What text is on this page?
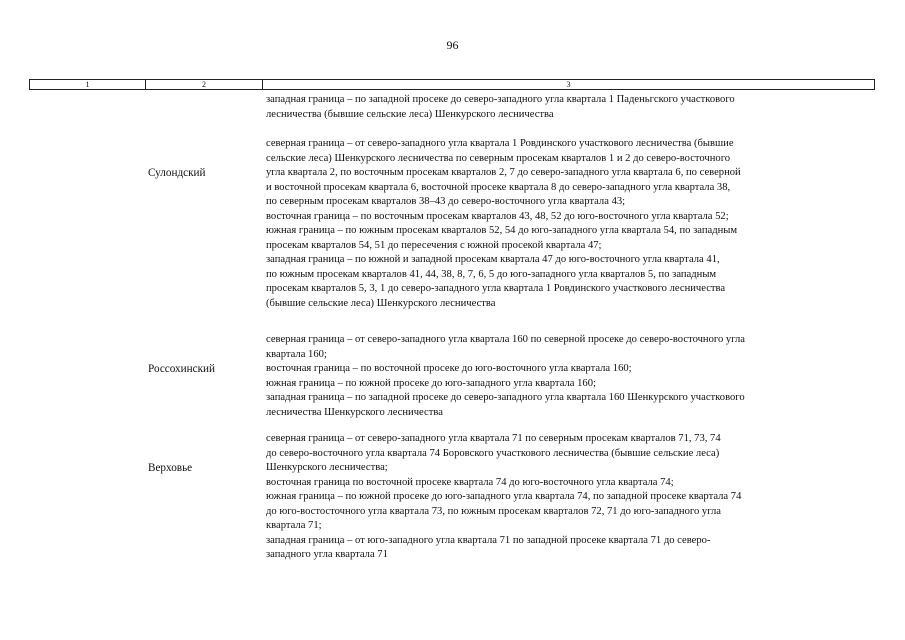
96
1	2	3
западная граница – по западной просеке до северо-западного угла квартала 1 Паденьгского участкового
лесничества (бывшие сельские леса) Шенкурского лесничества
Сулондский
северная граница – от северо-западного угла квартала 1 Ровдинского участкового лесничества (бывшие
сельские леса) Шенкурского лесничества по северным просекам кварталов 1 и 2 до северо-восточного
угла квартала 2, по восточным просекам кварталов 2, 7 до северо-западного угла квартала 6, по северной
и восточной просекам квартала 6, восточной просеке квартала 8 до северо-западного угла квартала 38,
по северным просекам кварталов 38–43 до северо-восточного угла квартала 43;
восточная граница – по восточным просекам кварталов 43, 48, 52 до юго-восточного угла квартала 52;
южная граница – по южным просекам кварталов 52, 54 до юго-западного угла квартала 54, по западным
просекам кварталов 54, 51 до пересечения с южной просекой квартала 47;
западная граница – по южной и западной просекам квартала 47 до юго-восточного угла квартала 41,
по южным просекам кварталов 41, 44, 38, 8, 7, 6, 5 до юго-западного угла кварталов 5, по западным
просекам кварталов 5, 3, 1 до северо-западного угла квартала 1 Ровдинского участкового лесничества
(бывшие сельские леса) Шенкурского лесничества
Россохинский
северная граница – от северо-западного угла квартала 160 по северной просеке до северо-восточного угла
квартала 160;
восточная граница – по восточной просеке до юго-восточного угла квартала 160;
южная граница – по южной просеке до юго-западного угла квартала 160;
западная граница – по западной просеке до северо-западного угла квартала 160 Шенкурского участкового
лесничества Шенкурского лесничества
Верховье
северная граница – от северо-западного угла квартала 71 по северным просекам кварталов 71, 73, 74
до северо-восточного угла квартала 74 Боровского участкового лесничества (бывшие сельские леса)
Шенкурского лесничества;
восточная граница по восточной просеке квартала 74 до юго-восточного угла квартала 74;
южная граница – по южной просеке до юго-западного угла квартала 74, по западной просеке квартала 74
до юго-востосточного угла квартала 73, по южным просекам кварталов 72, 71 до юго-западного угла
квартала 71;
западная граница – от юго-западного угла квартала 71 по западной просеке квартала 71 до северо-
западного угла квартала 71
